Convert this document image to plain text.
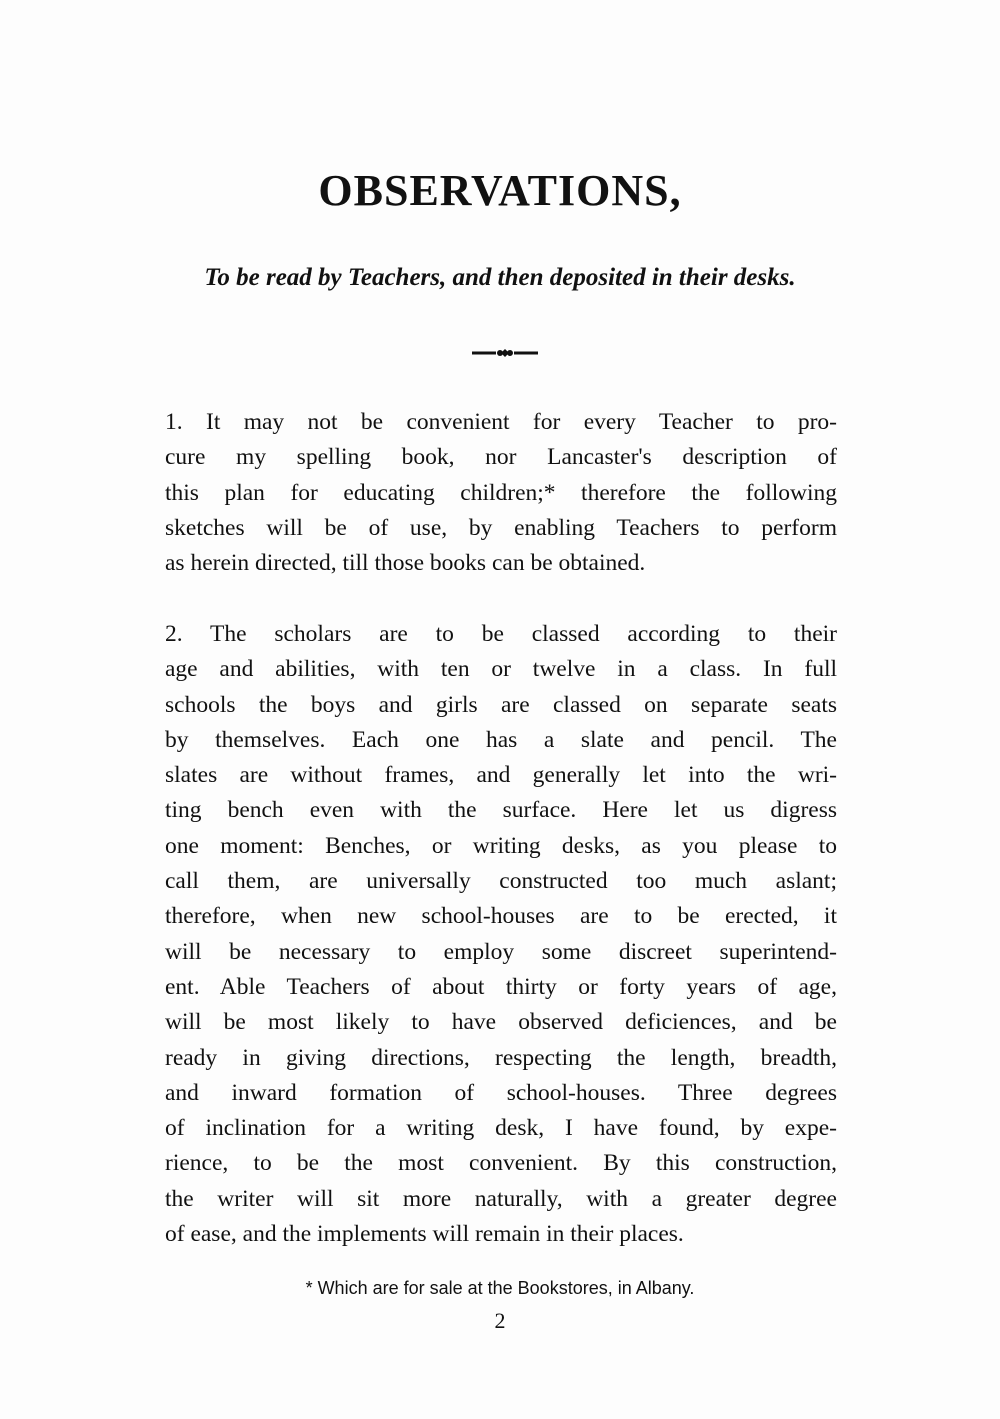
OBSERVATIONS,
To be read by Teachers, and then deposited in their desks.
1. It may not be convenient for every Teacher to pro-
cure my spelling book, nor Lancaster's description of
this plan for educating children;* therefore the following
sketches will be of use, by enabling Teachers to perform
as herein directed, till those books can be obtained.
2. The scholars are to be classed according to their
age and abilities, with ten or twelve in a class. In full
schools the boys and girls are classed on separate seats
by themselves. Each one has a slate and pencil. The
slates are without frames, and generally let into the wri-
ting bench even with the surface. Here let us digress
one moment: Benches, or writing desks, as you please to
call them, are universally constructed too much aslant;
therefore, when new school-houses are to be erected, it
will be necessary to employ some discreet superintend-
ent. Able Teachers of about thirty or forty years of age,
will be most likely to have observed deficiences, and be
ready in giving directions, respecting the length, breadth,
and inward formation of school-houses. Three degrees
of inclination for a writing desk, I have found, by expe-
rience, to be the most convenient. By this construction,
the writer will sit more naturally, with a greater degree
of ease, and the implements will remain in their places.
* Which are for sale at the Bookstores, in Albany.
2
